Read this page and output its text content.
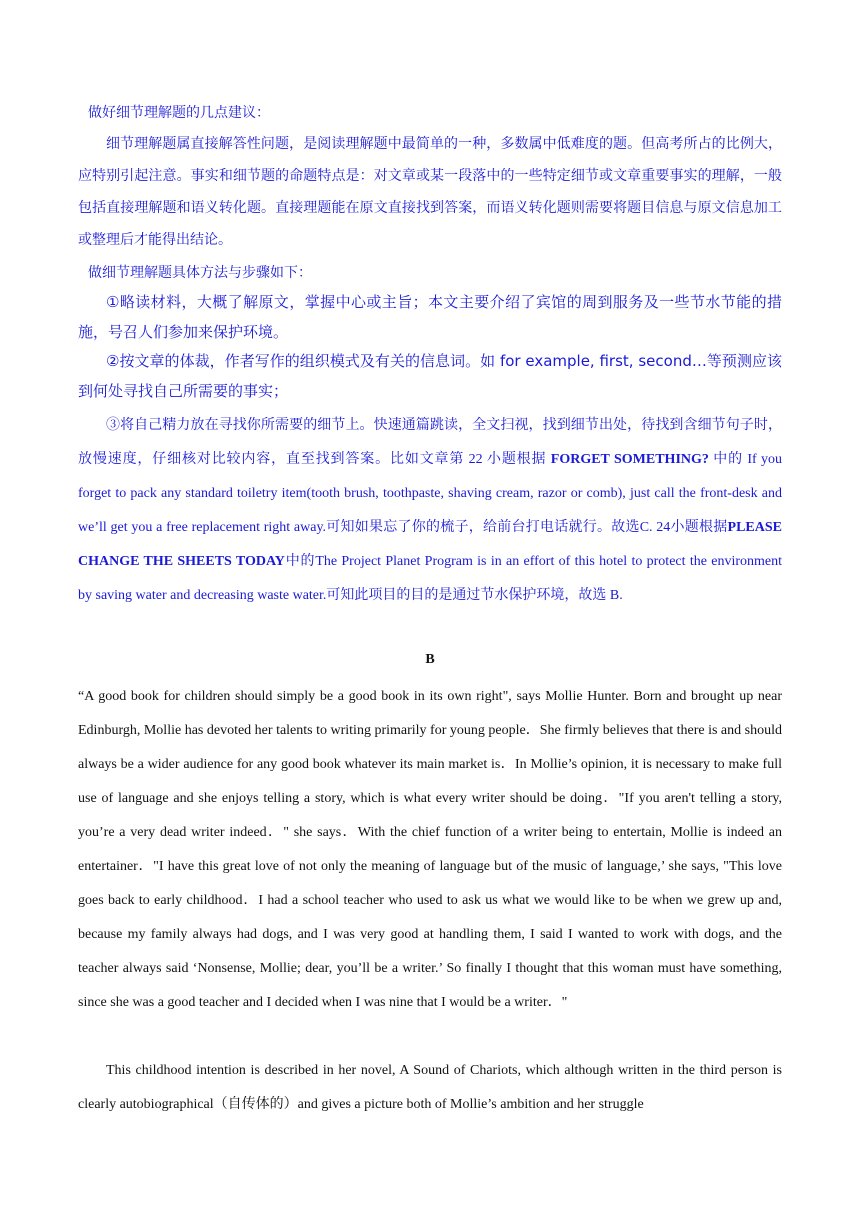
做好细节理解题的几点建议：

细节理解题属直接解答性问题，是阅读理解题中最简单的一种，多数属中低难度的题。但高考所占的比例大，应特别引起注意。事实和细节题的命题特点是：对文章或某一段落中的一些特定细节或文章重要事实的理解，一般包括直接理解题和语义转化题。直接理题能在原文直接找到答案，而语义转化题则需要将题目信息与原文信息加工或整理后才能得出结论。

做细节理解题具体方法与步骤如下：

①略读材料，大概了解原文，掌握中心或主旨；本文主要介绍了宾馆的周到服务及一些节水节能的措施，号召人们参加来保护环境。

②按文章的体裁，作者写作的组织模式及有关的信息词。如 for example, first, second…等预测应该到何处寻找自己所需要的事实；

③将自己精力放在寻找你所需要的细节上。快速通篇跳读，全文扫视，找到细节出处，待找到含细节句子时，放慢速度，仔细核对比较内容，直至找到答案。比如文章第 22 小题根据 FORGET SOMETHING? 中的 If you forget to pack any standard toiletry item(tooth brush, toothpaste, shaving cream, razor or comb), just call the front-desk and we’ll get you a free replacement right away.可知如果忘了你的梳子，给前台打电话就行。故选C. 24小题根据PLEASE CHANGE THE SHEETS TODAY中的The Project Planet Program is in an effort of this hotel to protect the environment by saving water and decreasing waste water.可知此项目的目的是通过节水保护环境，故选 B.

B

“A good book for children should simply be a good book in its own right", says Mollie Hunter. Born and brought up near Edinburgh, Mollie has devoted her talents to writing primarily for young people．She firmly believes that there is and should always be a wider audience for any good book whatever its main market is．In Mollie’s opinion, it is necessary to make full use of language and she enjoys telling a story, which is what every writer should be doing．"If you aren't telling a story, you’re a very dead writer indeed．" she says．With the chief function of a writer being to entertain, Mollie is indeed an entertainer．"I have this great love of not only the meaning of language but of the music of language,’ she says, "This love goes back to early childhood．I had a school teacher who used to ask us what we would like to be when we grew up and, because my family always had dogs, and I was very good at handling them, I said I wanted to work with dogs, and the teacher always said ‘Nonsense, Mollie; dear, you’ll be a writer.’ So finally I thought that this woman must have something, since she was a good teacher and I decided when I was nine that I would be a writer．"

This childhood intention is described in her novel, A Sound of Chariots, which although written in the third person is clearly autobiographical（自传体的）and gives a picture both of Mollie’s ambition and her struggle
